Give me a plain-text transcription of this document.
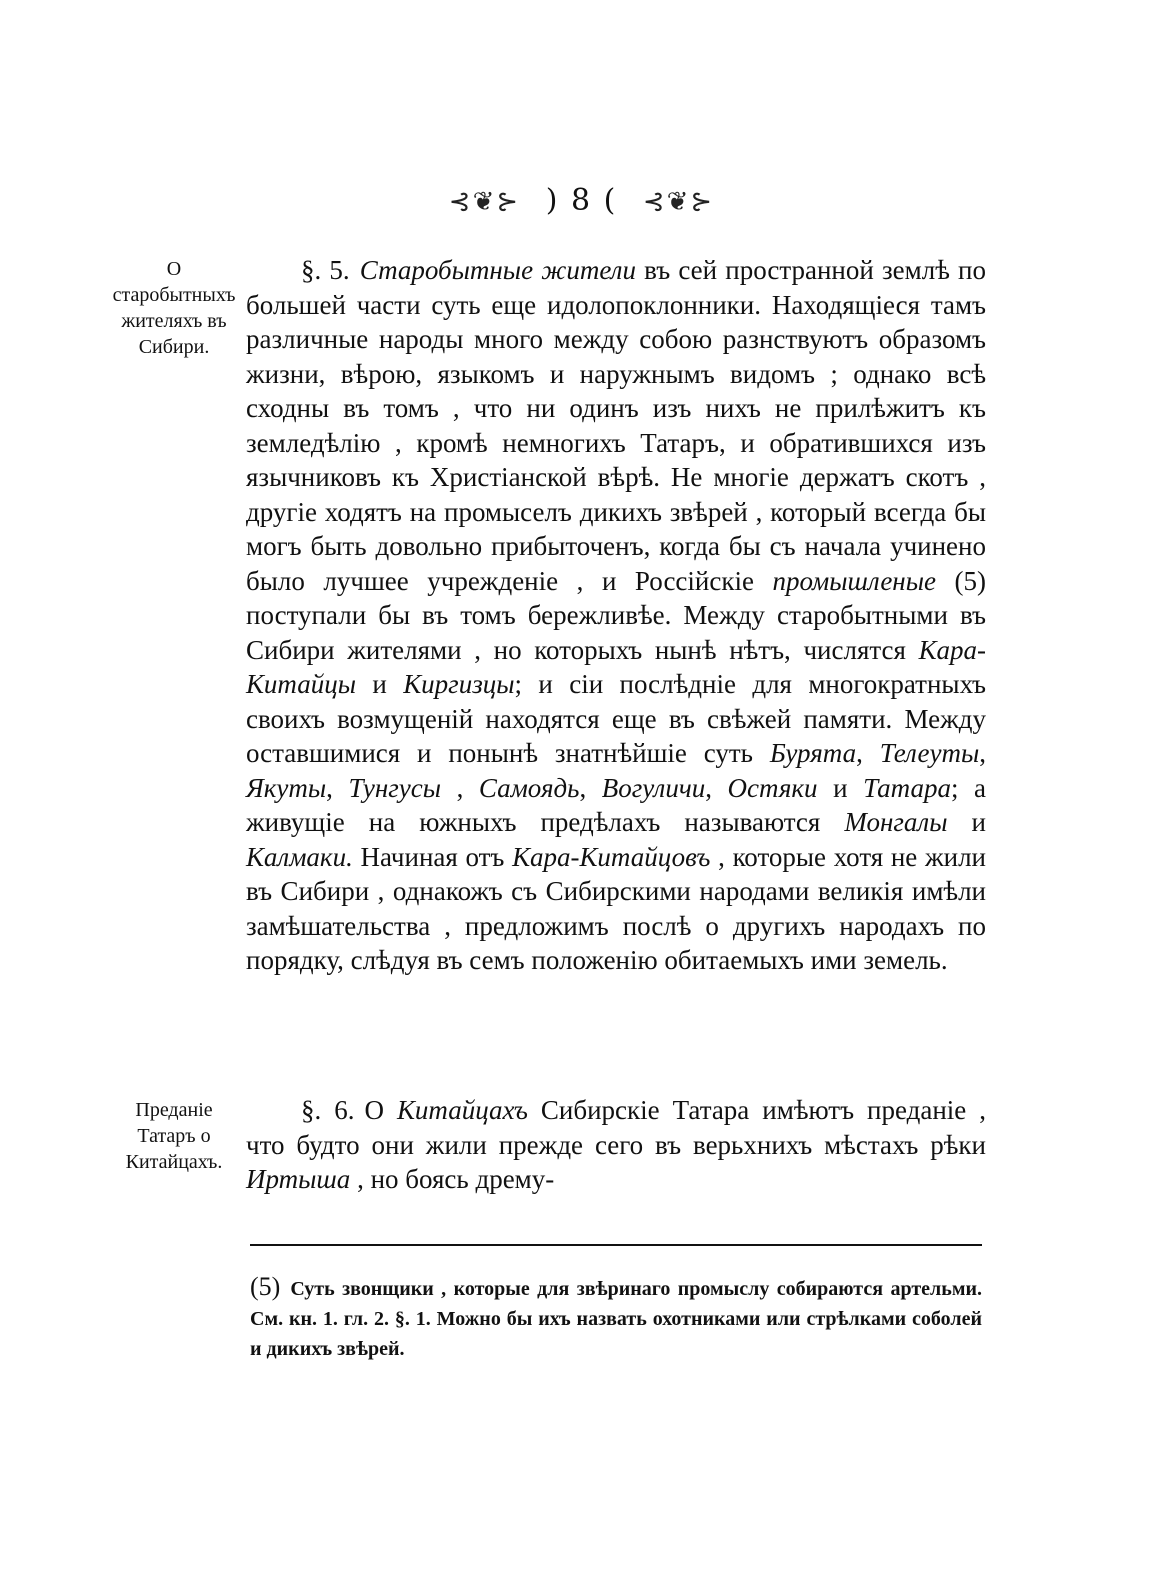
⊰❦⊱ ) 8 ( ⊰❦⊱
О старобытныхъ жителяхъ въ Сибири.
Преданіе Татаръ о Китайцахъ.

§. 5. Старобытные жители въ сей пространной землѣ по большей части суть еще идолопоклонники. Находящіеся тамъ различные народы много между собою разнствуютъ образомъ жизни, вѣрою, языкомъ и наружнымъ видомъ ; однако всѣ сходны въ томъ , что ни одинъ изъ нихъ не прилѣжитъ къ земледѣлію , кромѣ немногихъ Татаръ, и обратившихся изъ язычниковъ къ Христіанской вѣрѣ. Не многіе держатъ скотъ , другіе ходятъ на промыселъ дикихъ звѣрей , который всегда бы могъ быть довольно прибыточенъ, когда бы съ начала учинено было лучшее учрежденіе , и Россійскіе промышленые (5) поступали бы въ томъ бережливѣе. Между старобытными въ Сибири жителями , но которыхъ нынѣ нѣтъ, числятся Кара-Китайцы и Киргизцы; и сіи послѣдніе для многократныхъ своихъ возмущеній находятся еще въ свѣжей памяти. Между оставшимися и понынѣ знатнѣйшіе суть Бурята, Телеуты, Якуты, Тунгусы , Самоядь, Вогуличи, Остяки и Татара; а живущіе на южныхъ предѣлахъ называются Монгалы и Калмаки. Начиная отъ Кара-Китайцовъ , которые хотя не жили въ Сибири , однакожъ съ Сибирскими народами великія имѣли замѣшательства , предложимъ послѣ о другихъ народахъ по порядку, слѣдуя въ семъ положенію обитаемыхъ ими земель.

§. 6. О Китайцахъ Сибирскіе Татара имѣютъ преданіе , что будто они жили прежде сего въ верьхнихъ мѣстахъ рѣки Иртыша , но боясь дрему-

(5) Суть звонщики , которые для звѣринаго промыслу собираются артельми. См. кн. 1. гл. 2. §. 1. Можно бы ихъ назвать охотниками или стрѣлками соболей и дикихъ звѣрей.
